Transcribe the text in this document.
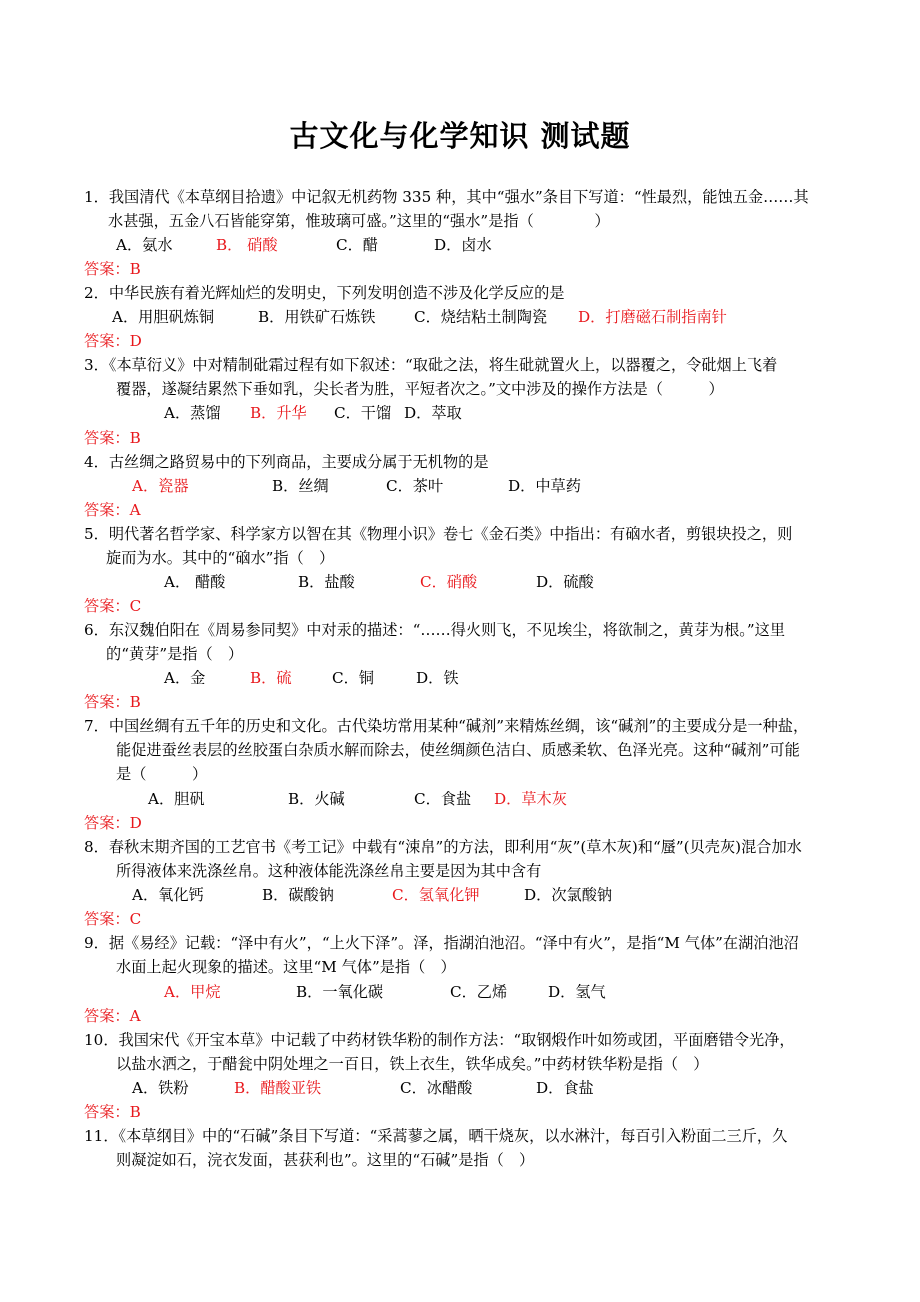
古文化与化学知识 测试题
1．我国清代《本草纲目拾遗》中记叙无机药物 335 种，其中“强水”条目下写道：“性最烈，能蚀五金……其
水甚强，五金八石皆能穿第，惟玻璃可盛。”这里的“强水”是指（　　　　）
A．氨水	B． 硝酸	C．醋	D．卤水
答案：B
2．中华民族有着光辉灿烂的发明史，下列发明创造不涉及化学反应的是
A．用胆矾炼铜	B．用铁矿石炼铁	C．烧结粘土制陶瓷 D．打磨磁石制指南针
答案：D
3．《本草衍义》中对精制砒霜过程有如下叙述：“取砒之法，将生砒就置火上，以器覆之，令砒烟上飞着
覆器，遂凝结累然下垂如乳，尖长者为胜，平短者次之。”文中涉及的操作方法是（　　　）
A．蒸馏 B．升华 C．干馏 D．萃取
答案：B
4．古丝绸之路贸易中的下列商品，主要成分属于无机物的是
A．瓷器	B．丝绸	C．茶叶	D．中草药
答案：A
5．明代著名哲学家、科学家方以智在其《物理小识》卷七《金石类》中指出：有硇水者，剪银块投之，则
旋而为水。其中的“硇水”指（　）
A． 醋酸	B．盐酸	C．硝酸	D．硫酸
答案：C
6．东汉魏伯阳在《周易参同契》中对汞的描述：“……得火则飞，不见埃尘，将欲制之，黄芽为根。”这里
的“黄芽”是指（　）
A．金	B．硫	C．铜	D．铁
答案：B
7．中国丝绸有五千年的历史和文化。古代染坊常用某种“碱剂”来精炼丝绸，该“碱剂”的主要成分是一种盐，
能促进蚕丝表层的丝胶蛋白杂质水解而除去，使丝绸颜色洁白、质感柔软、色泽光亮。这种“碱剂”可能
是（　　　）
A．胆矾	B．火碱	C．食盐 D．草木灰
答案：D
8．春秋末期齐国的工艺官书《考工记》中载有“涑帛”的方法，即利用“灰”(草木灰)和“蜃”(贝壳灰)混合加水
所得液体来洗涤丝帛。这种液体能洗涤丝帛主要是因为其中含有
A．氧化钙	B．碳酸钠	C．氢氧化钾	D．次氯酸钠
答案：C
9．据《易经》记载：“泽中有火”，“上火下泽”。泽，指湖泊池沼。“泽中有火”，是指“M 气体”在湖泊池沼
水面上起火现象的描述。这里“M 气体”是指（　）
A．甲烷	B．一氧化碳	C．乙烯	D．氢气
答案：A
10．我国宋代《开宝本草》中记载了中药材铁华粉的制作方法：“取钢煅作叶如笏或团，平面磨错令光净，
以盐水洒之，于醋瓮中阴处埋之一百日，铁上衣生，铁华成矣。”中药材铁华粉是指（　）
A．铁粉	B．醋酸亚铁	C．冰醋酸	D．食盐
答案：B
11．《本草纲目》中的“石碱”条目下写道：“采蒿蓼之属，晒干烧灰，以水淋汁，每百引入粉面二三斤，久
则凝淀如石，浣衣发面，甚获利也”。这里的“石碱”是指（　）
